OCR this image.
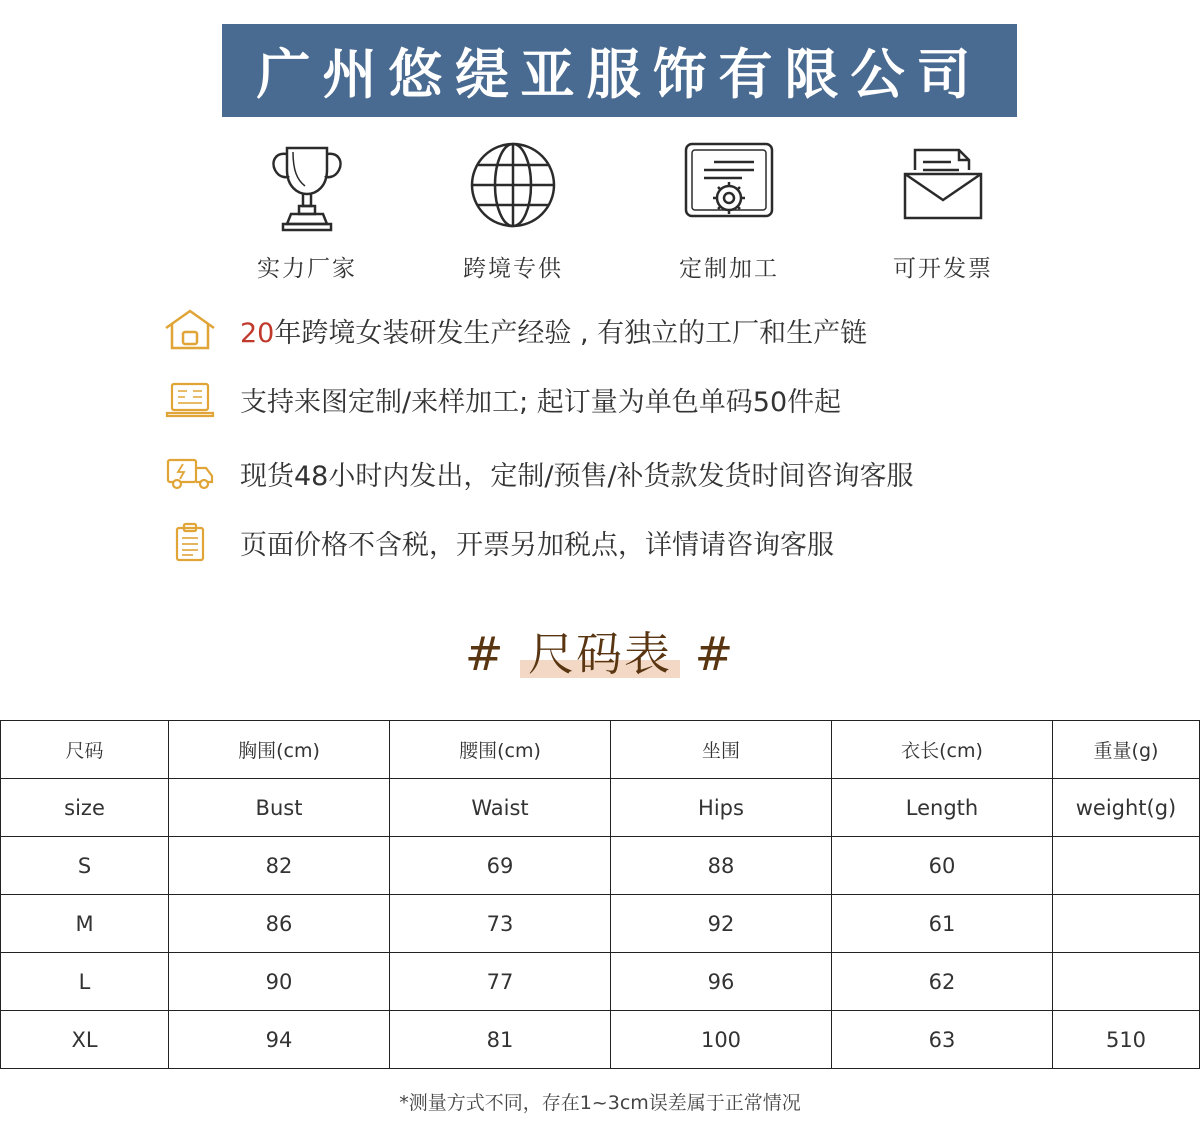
广州悠缇亚服饰有限公司
实力厂家	跨境专供	定制加工	可开发票
20年跨境女装研发生产经验 , 有独立的工厂和生产链
支持来图定制/来样加工; 起订量为单色单码50件起
现货48小时内发出，定制/预售/补货款发货时间咨询客服
页面价格不含税，开票另加税点，详情请咨询客服
# 尺码表 #
尺码	胸围(cm)	腰围(cm)	坐围	衣长(cm)	重量(g)
size	Bust	Waist	Hips	Length	weight(g)
S	82	69	88	60	
M	86	73	92	61	
L	90	77	96	62	
XL	94	81	100	63	510
*测量方式不同，存在1~3cm误差属于正常情况
